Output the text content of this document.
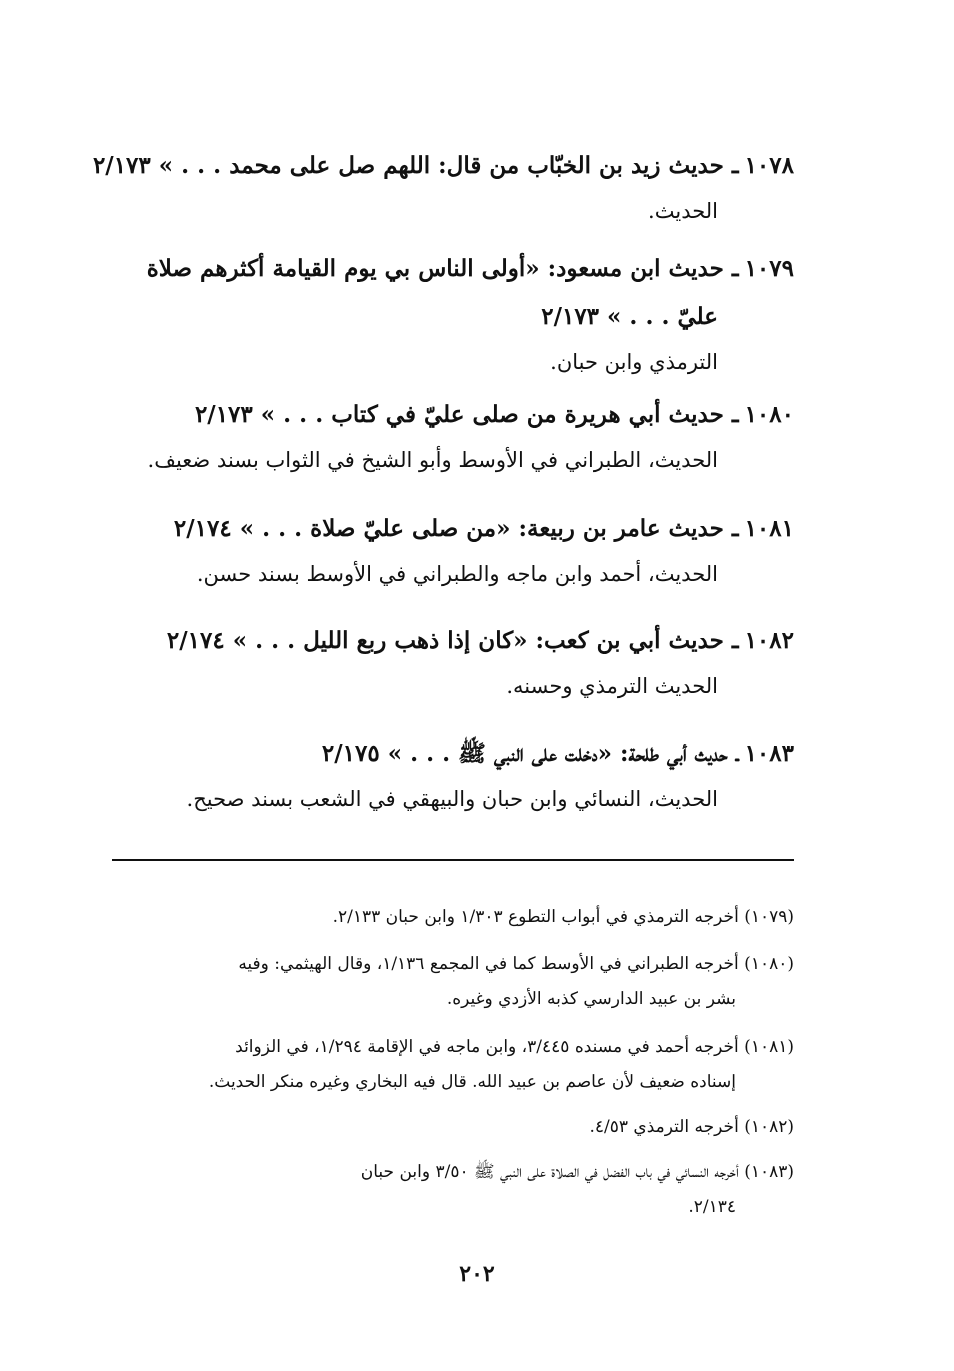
١٠٧٨ـ حديث زيد بن الخبّاب من قال: اللهم صل على محمد . . . » ٢/١٧٣
الحديث.
١٠٧٩ـ حديث ابن مسعود: «أولى الناس بي يوم القيامة أكثرهم صلاة
عليّ . . . » ٢/١٧٣
الترمذي وابن حبان.
١٠٨٠ـ حديث أبي هريرة من صلى عليّ في كتاب . . . » ٢/١٧٣
الحديث، الطبراني في الأوسط وأبو الشيخ في الثواب بسند ضعيف.
١٠٨١ـ حديث عامر بن ربيعة: «من صلى عليّ صلاة . . . » ٢/١٧٤
الحديث، أحمد وابن ماجه والطبراني في الأوسط بسند حسن.
١٠٨٢ـ حديث أبي بن كعب: «كان إذا ذهب ربع الليل . . . » ٢/١٧٤
الحديث الترمذي وحسنه.
١٠٨٣ـ حديث أبي طلحة: «دخلت على النبي ﷺ . . . » ٢/١٧٥
الحديث، النسائي وابن حبان والبيهقي في الشعب بسند صحيح.
(١٠٧٩) أخرجه الترمذي في أبواب التطوع ١/٣٠٣ وابن حبان ٢/١٣٣.
(١٠٨٠) أخرجه الطبراني في الأوسط كما في المجمع ١/١٣٦، وقال الهيثمي: وفيه
بشر بن عبيد الدارسي كذبه الأزدي وغيره.
(١٠٨١) أخرجه أحمد في مسنده ٣/٤٤٥، وابن ماجه في الإقامة ١/٢٩٤، في الزوائد
إسناده ضعيف لأن عاصم بن عبيد الله. قال فيه البخاري وغيره منكر الحديث.
(١٠٨٢) أخرجه الترمذي ٤/٥٣.
(١٠٨٣) أخرجه النسائي في باب الفضل في الصلاة على النبي ﷺ ٣/٥٠ وابن حبان
٢/١٣٤.
٢٠٢
